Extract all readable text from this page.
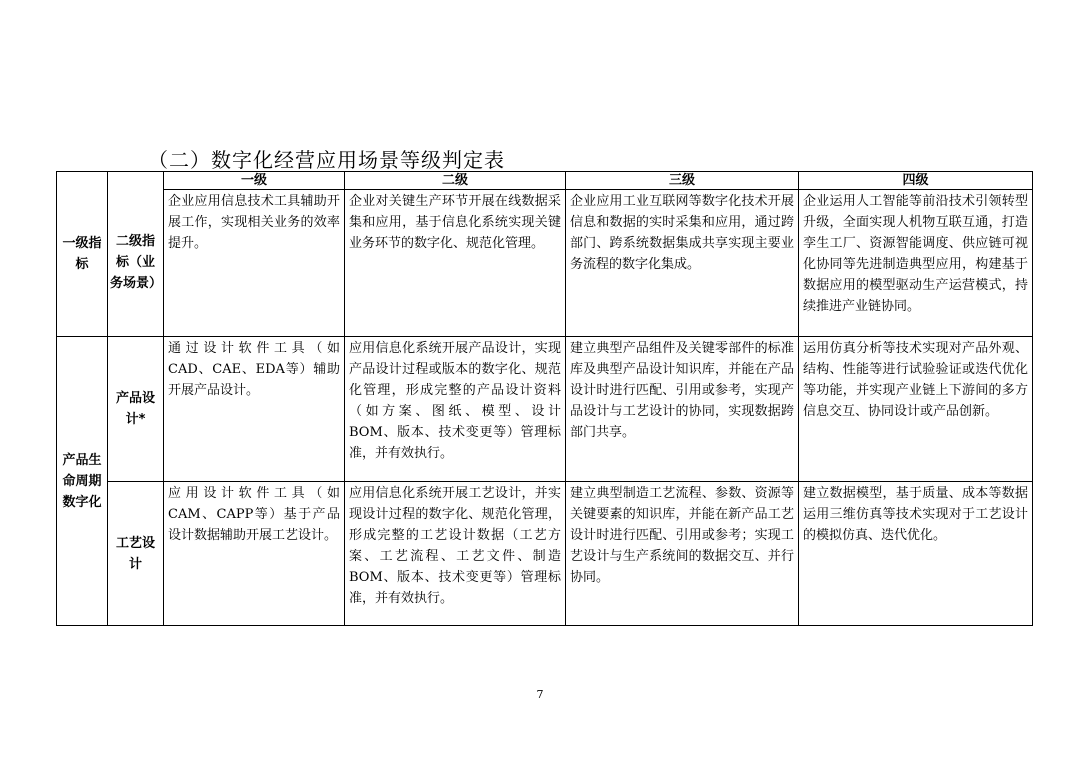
（二）数字化经营应用场景等级判定表
一级指标		一级	二级	三级	四级
	二级指标（业务场景）	企业应用信息技术工具辅助开展工作，实现相关业务的效率提升。	企业对关键生产环节开展在线数据采集和应用，基于信息化系统实现关键业务环节的数字化、规范化管理。	企业应用工业互联网等数字化技术开展信息和数据的实时采集和应用，通过跨部门、跨系统数据集成共享实现主要业务流程的数字化集成。	企业运用人工智能等前沿技术引领转型升级，全面实现人机物互联互通，打造孪生工厂、资源智能调度、供应链可视化协同等先进制造典型应用，构建基于数据应用的模型驱动生产运营模式，持续推进产业链协同。
产品生命周期数字化	产品设计*	通过设计软件工具（如CAD、CAE、EDA等）辅助开展产品设计。	应用信息化系统开展产品设计，实现产品设计过程或版本的数字化、规范化管理，形成完整的产品设计资料（如方案、图纸、模型、设计BOM、版本、技术变更等）管理标准，并有效执行。	建立典型产品组件及关键零部件的标准库及典型产品设计知识库，并能在产品设计时进行匹配、引用或参考，实现产品设计与工艺设计的协同，实现数据跨部门共享。	运用仿真分析等技术实现对产品外观、结构、性能等进行试验验证或迭代优化等功能，并实现产业链上下游间的多方信息交互、协同设计或产品创新。
	工艺设计	应用设计软件工具（如CAM、CAPP等）基于产品设计数据辅助开展工艺设计。	应用信息化系统开展工艺设计，并实现设计过程的数字化、规范化管理，形成完整的工艺设计数据（工艺方案、工艺流程、工艺文件、制造BOM、版本、技术变更等）管理标准，并有效执行。	建立典型制造工艺流程、参数、资源等关键要素的知识库，并能在新产品工艺设计时进行匹配、引用或参考；实现工艺设计与生产系统间的数据交互、并行协同。	建立数据模型，基于质量、成本等数据运用三维仿真等技术实现对于工艺设计的模拟仿真、迭代优化。
7
